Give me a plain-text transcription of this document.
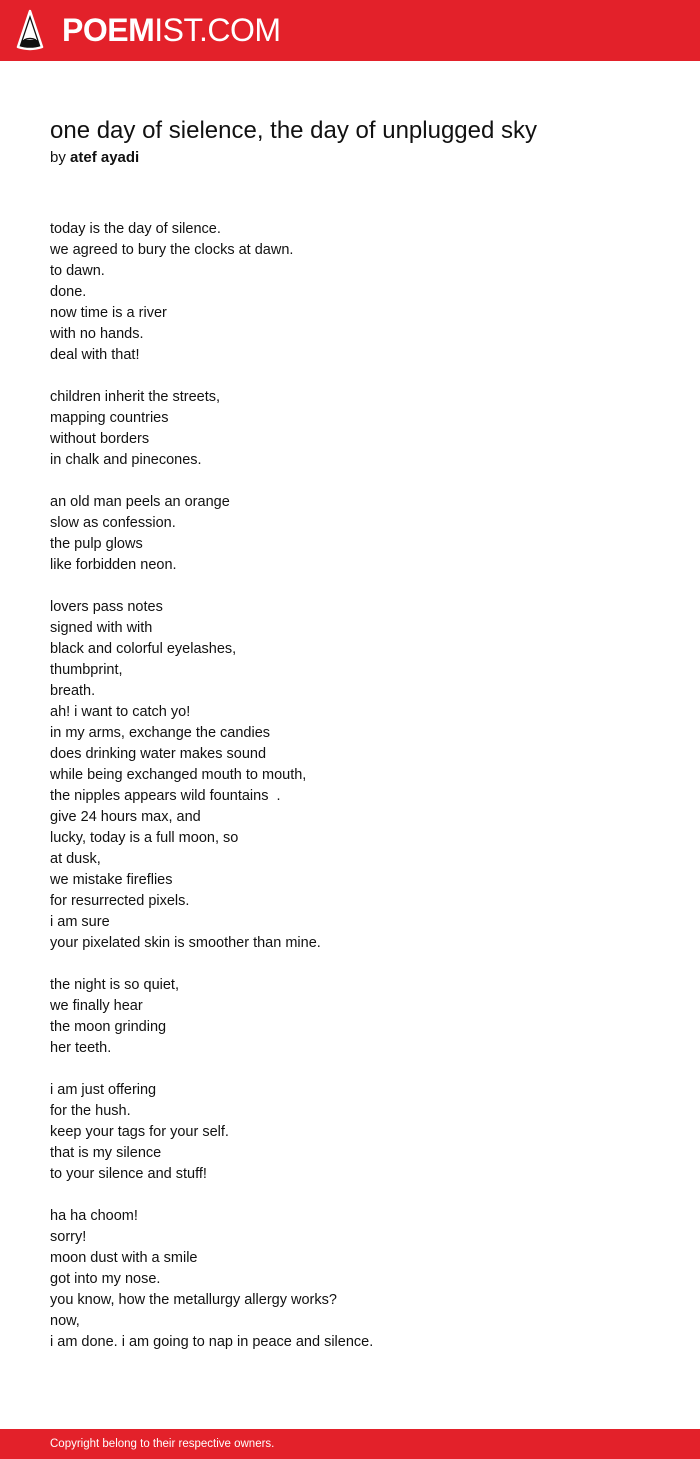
POEMIST.COM
one day of sielence, the day of unplugged sky
by atef ayadi
today is the day of silence.
we agreed to bury the clocks at dawn.
to dawn.
done.
now time is a river
with no hands.
deal with that!
children inherit the streets,
mapping countries
without borders
in chalk and pinecones.
an old man peels an orange
slow as confession.
the pulp glows
like forbidden neon.
lovers pass notes
signed with with
black and colorful eyelashes,
thumbprint,
breath.
ah! i want to catch yo!
in my arms, exchange the candies
does drinking water makes sound
while being exchanged mouth to mouth,
the nipples appears wild fountains  .
give 24 hours max, and
lucky, today is a full moon, so
at dusk,
we mistake fireflies
for resurrected pixels.
i am sure
your pixelated skin is smoother than mine.
the night is so quiet,
we finally hear
the moon grinding
her teeth.
i am just offering
for the hush.
keep your tags for your self.
that is my silence
to your silence and stuff!
ha ha choom!
sorry!
moon dust with a smile
got into my nose.
you know, how the metallurgy allergy works?
now,
i am done. i am going to nap in peace and silence.
Copyright belong to their respective owners.
